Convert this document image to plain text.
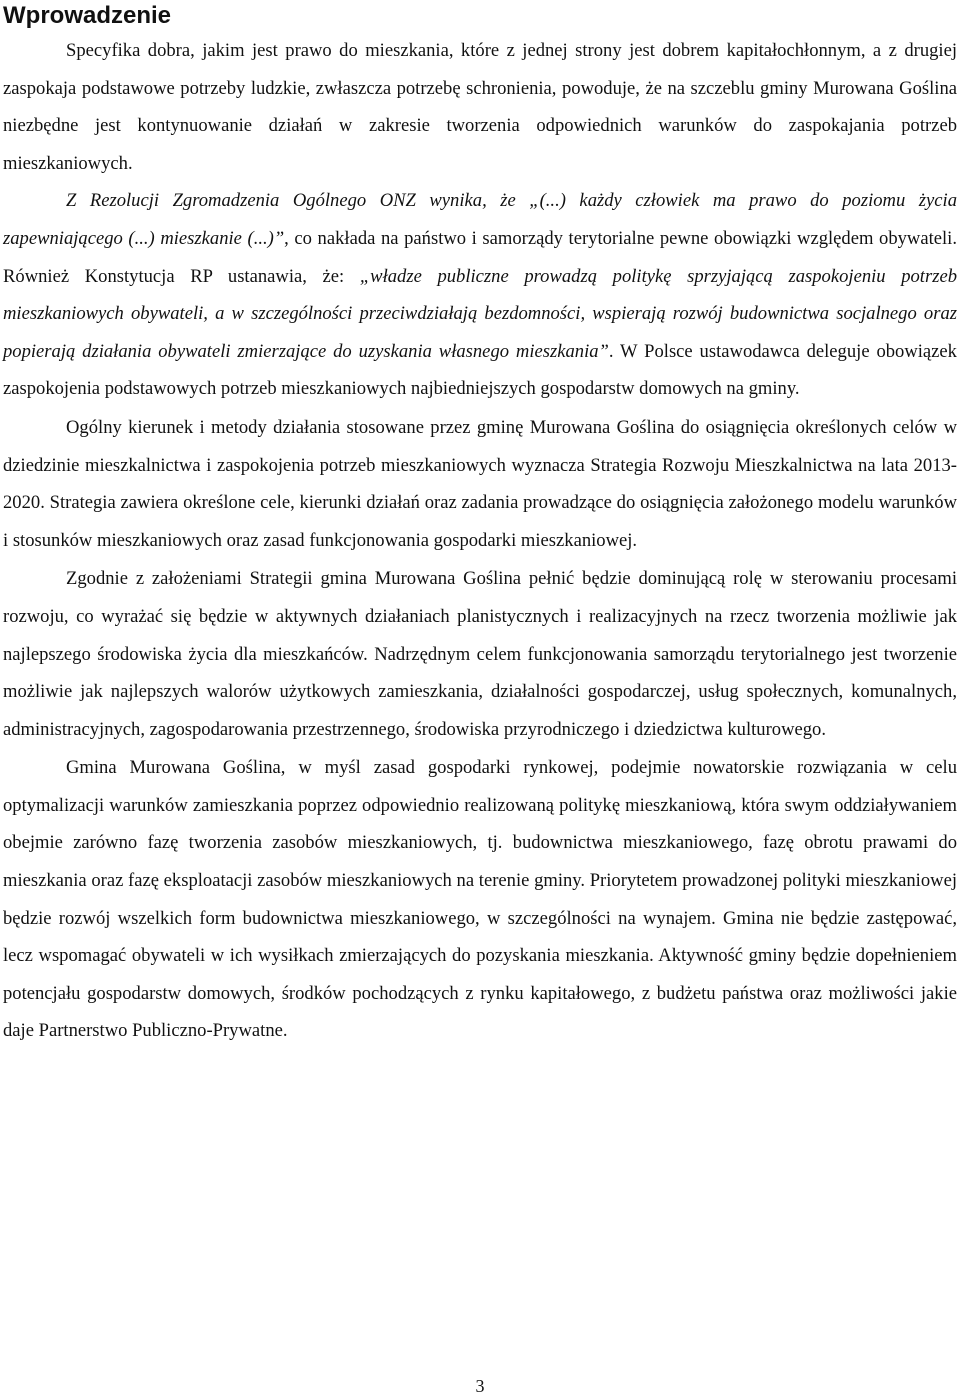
Wprowadzenie

Specyfika dobra, jakim jest prawo do mieszkania, które z jednej strony jest dobrem kapitałochłonnym, a z drugiej zaspokaja podstawowe potrzeby ludzkie, zwłaszcza potrzebę schronienia, powoduje, że na szczeblu gminy Murowana Goślina niezbędne jest kontynuowanie działań w zakresie tworzenia odpowiednich warunków do zaspokajania potrzeb mieszkaniowych.

Z Rezolucji Zgromadzenia Ogólnego ONZ wynika, że „(...) każdy człowiek ma prawo do poziomu życia zapewniającego (...) mieszkanie (...)”, co nakłada na państwo i samorządy terytorialne pewne obowiązki względem obywateli. Również Konstytucja RP ustanawia, że: „władze publiczne prowadzą politykę sprzyjającą zaspokojeniu potrzeb mieszkaniowych obywateli, a w szczególności przeciwdziałają bezdomności, wspierają rozwój budownictwa socjalnego oraz popierają działania obywateli zmierzające do uzyskania własnego mieszkania”. W Polsce ustawodawca deleguje obowiązek zaspokojenia podstawowych potrzeb mieszkaniowych najbiedniejszych gospodarstw domowych na gminy.

Ogólny kierunek i metody działania stosowane przez gminę Murowana Goślina do osiągnięcia określonych celów w dziedzinie mieszkalnictwa i zaspokojenia potrzeb mieszkaniowych wyznacza Strategia Rozwoju Mieszkalnictwa na lata 2013-2020. Strategia zawiera określone cele, kierunki działań oraz zadania prowadzące do osiągnięcia założonego modelu warunków i stosunków mieszkaniowych oraz zasad funkcjonowania gospodarki mieszkaniowej.

Zgodnie z założeniami Strategii gmina Murowana Goślina pełnić będzie dominującą rolę w sterowaniu procesami rozwoju, co wyrażać się będzie w aktywnych działaniach planistycznych i realizacyjnych na rzecz tworzenia możliwie jak najlepszego środowiska życia dla mieszkańców. Nadrzędnym celem funkcjonowania samorządu terytorialnego jest tworzenie możliwie jak najlepszych walorów użytkowych zamieszkania, działalności gospodarczej, usług społecznych, komunalnych, administracyjnych, zagospodarowania przestrzennego, środowiska przyrodniczego i dziedzictwa kulturowego.

Gmina Murowana Goślina, w myśl zasad gospodarki rynkowej, podejmie nowatorskie rozwiązania w celu optymalizacji warunków zamieszkania poprzez odpowiednio realizowaną politykę mieszkaniową, która swym oddziaływaniem obejmie zarówno fazę tworzenia zasobów mieszkaniowych, tj. budownictwa mieszkaniowego, fazę obrotu prawami do mieszkania oraz fazę eksploatacji zasobów mieszkaniowych na terenie gminy. Priorytetem prowadzonej polityki mieszkaniowej będzie rozwój wszelkich form budownictwa mieszkaniowego, w szczególności na wynajem. Gmina nie będzie zastępować, lecz wspomagać obywateli w ich wysiłkach zmierzających do pozyskania mieszkania. Aktywność gminy będzie dopełnieniem potencjału gospodarstw domowych, środków pochodzących z rynku kapitałowego, z budżetu państwa oraz możliwości jakie daje Partnerstwo Publiczno-Prywatne.

3
